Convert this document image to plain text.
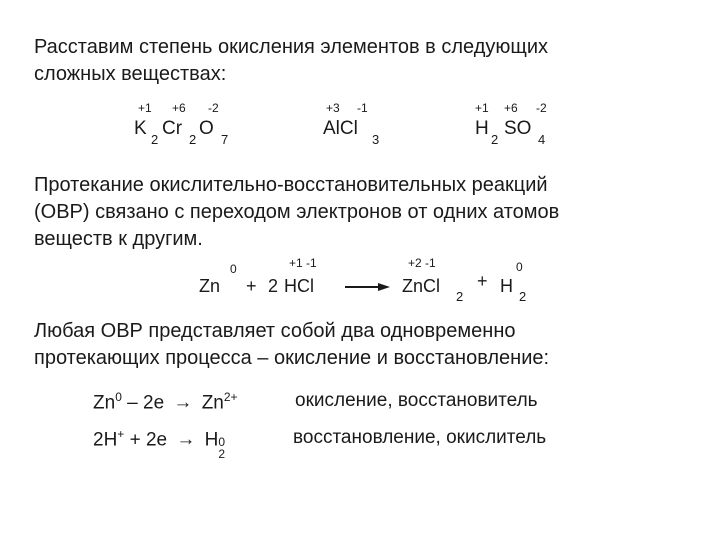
Расставим степень окисления элементов в следующих
сложных веществах:
+1 +6 -2
K
2
Cr
2
O
7
+3 -1
AlCl
3
+1 +6 -2
H
2
SO
4
Протекание окислительно-восстановительных реакций
(ОВР) связано с переходом электронов от одних атомов
веществ к другим.
Zn
0
+ 2 HCl
+1 -1
ZnCl
2
+2 -1
+ H
2
0
Любая ОВР представляет собой два одновременно
протекающих процесса – окисление и восстановление:
$Zn^0 - 2e \to Zn^{2+}$	окисление, восстановитель
2H+ + 2e → H
2
0	восстановление, окислитель
